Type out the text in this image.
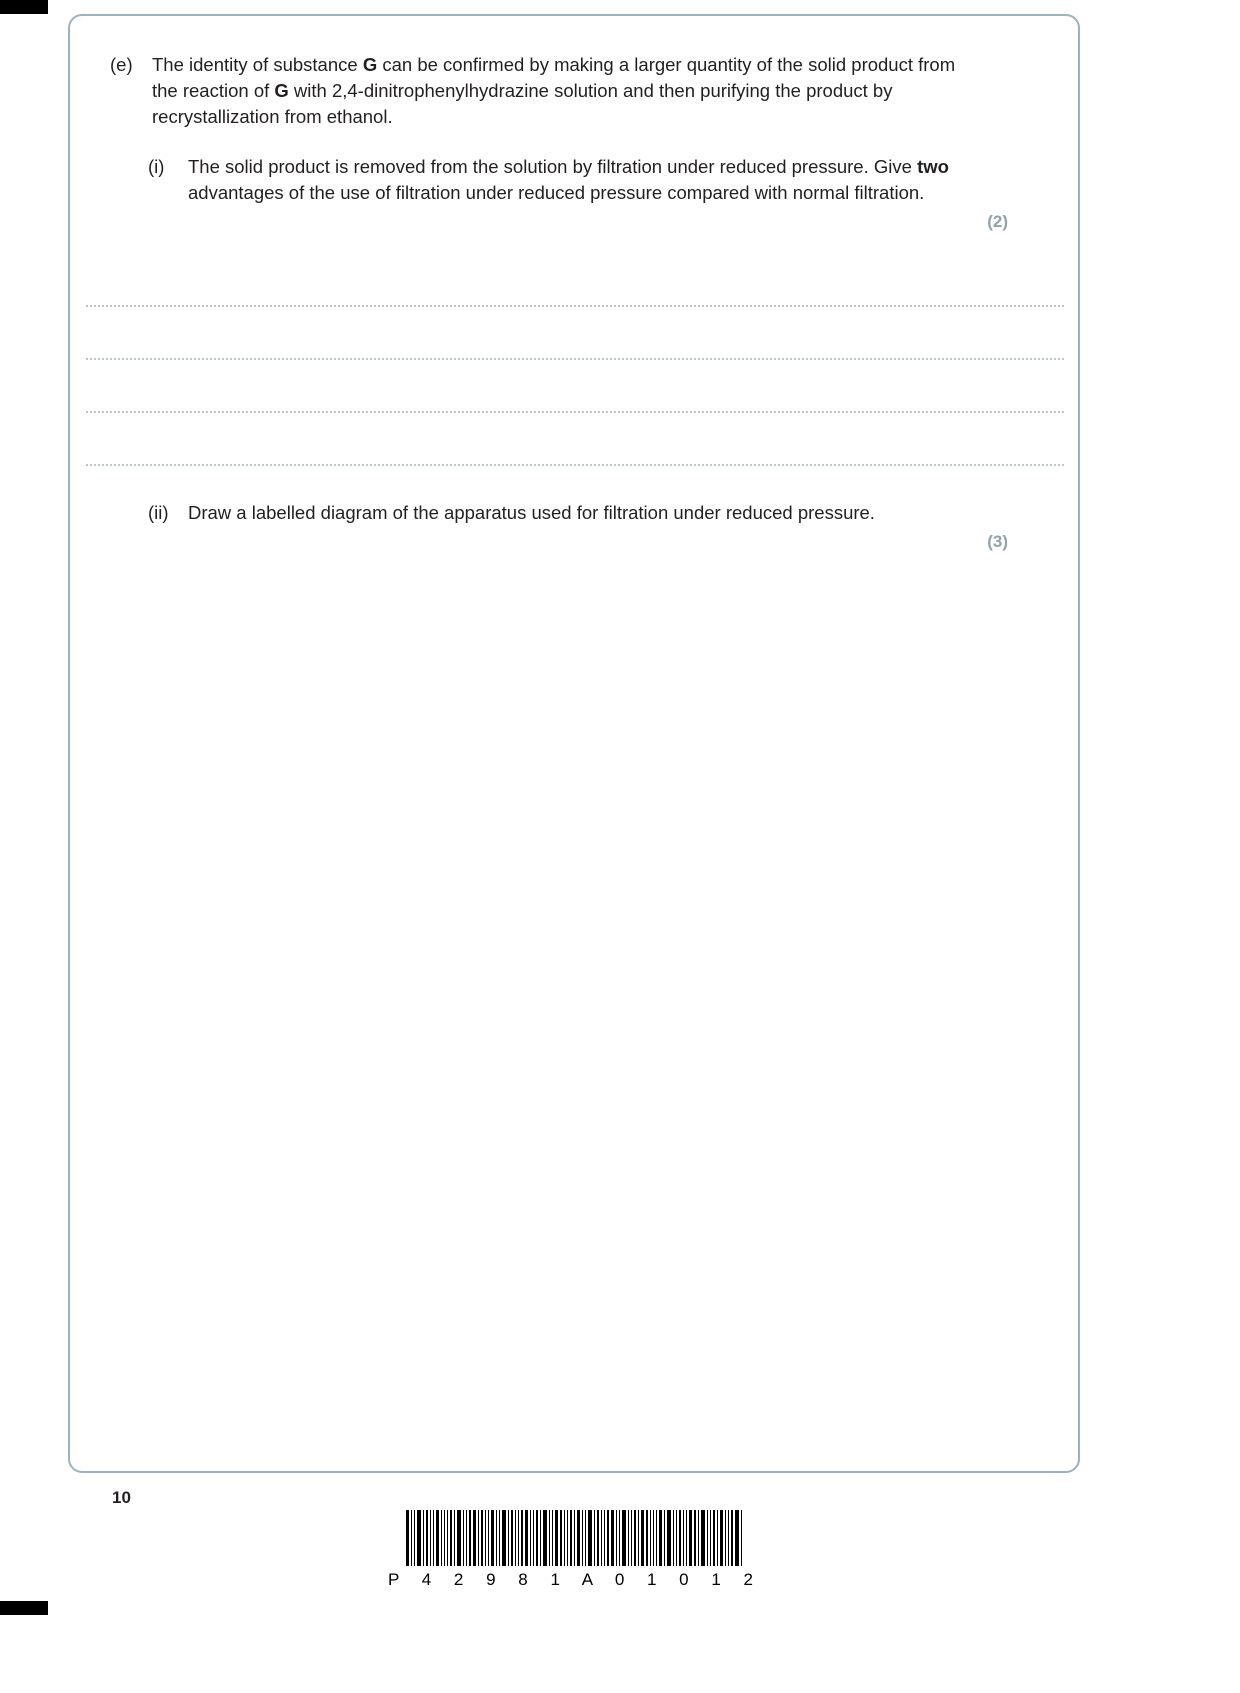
(e)	The identity of substance G can be confirmed by making a larger quantity of the solid product from the reaction of G with 2,4-dinitrophenylhydrazine solution and then purifying the product by recrystallization from ethanol.
(i)	The solid product is removed from the solution by filtration under reduced pressure. Give two advantages of the use of filtration under reduced pressure compared with normal filtration.
(2)
(ii)	Draw a labelled diagram of the apparatus used for filtration under reduced pressure.
(3)
10
P 4 2 9 8 1 A 0 1 0 1 2
